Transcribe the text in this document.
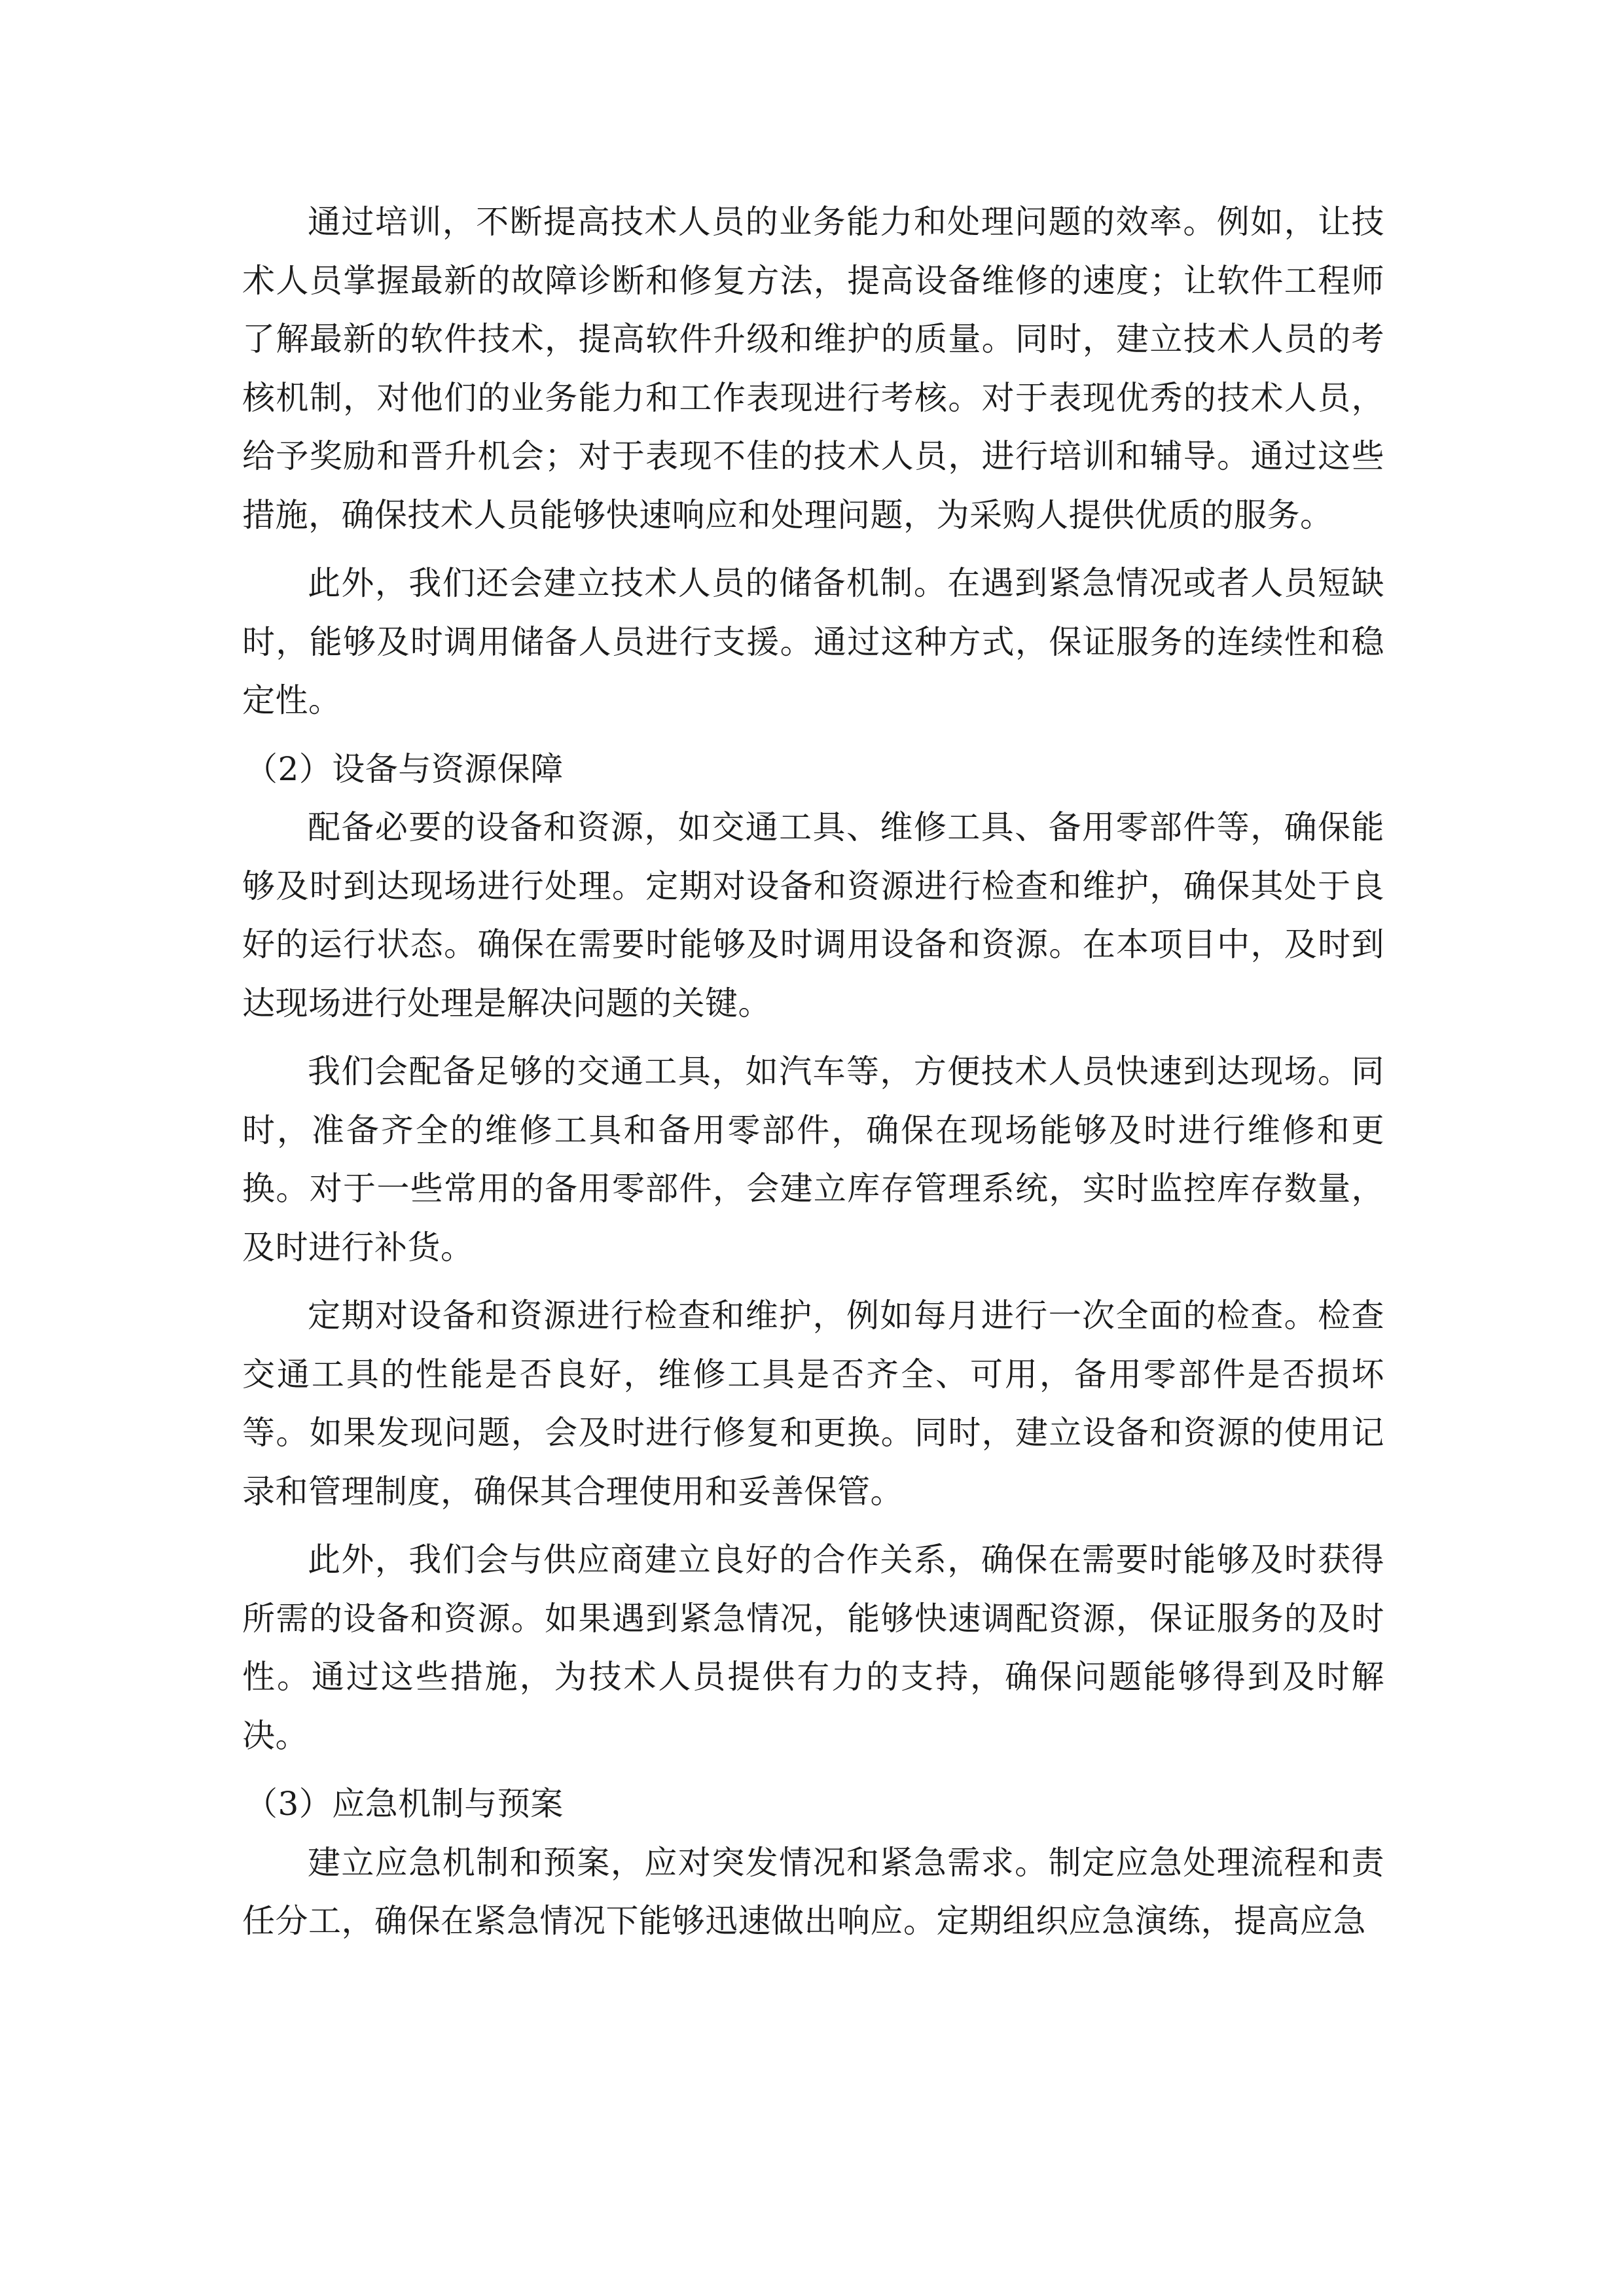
通过培训，不断提高技术人员的业务能力和处理问题的效率。例如，让技术人员掌握最新的故障诊断和修复方法，提高设备维修的速度；让软件工程师了解最新的软件技术，提高软件升级和维护的质量。同时，建立技术人员的考核机制，对他们的业务能力和工作表现进行考核。对于表现优秀的技术人员，给予奖励和晋升机会；对于表现不佳的技术人员，进行培训和辅导。通过这些措施，确保技术人员能够快速响应和处理问题，为采购人提供优质的服务。

此外，我们还会建立技术人员的储备机制。在遇到紧急情况或者人员短缺时，能够及时调用储备人员进行支援。通过这种方式，保证服务的连续性和稳定性。

（2）设备与资源保障

配备必要的设备和资源，如交通工具、维修工具、备用零部件等，确保能够及时到达现场进行处理。定期对设备和资源进行检查和维护，确保其处于良好的运行状态。确保在需要时能够及时调用设备和资源。在本项目中，及时到达现场进行处理是解决问题的关键。

我们会配备足够的交通工具，如汽车等，方便技术人员快速到达现场。同时，准备齐全的维修工具和备用零部件，确保在现场能够及时进行维修和更换。对于一些常用的备用零部件，会建立库存管理系统，实时监控库存数量，及时进行补货。

定期对设备和资源进行检查和维护，例如每月进行一次全面的检查。检查交通工具的性能是否良好，维修工具是否齐全、可用，备用零部件是否损坏等。如果发现问题，会及时进行修复和更换。同时，建立设备和资源的使用记录和管理制度，确保其合理使用和妥善保管。

此外，我们会与供应商建立良好的合作关系，确保在需要时能够及时获得所需的设备和资源。如果遇到紧急情况，能够快速调配资源，保证服务的及时性。通过这些措施，为技术人员提供有力的支持，确保问题能够得到及时解决。

（3）应急机制与预案

建立应急机制和预案，应对突发情况和紧急需求。制定应急处理流程和责任分工，确保在紧急情况下能够迅速做出响应。定期组织应急演练，提高应急
